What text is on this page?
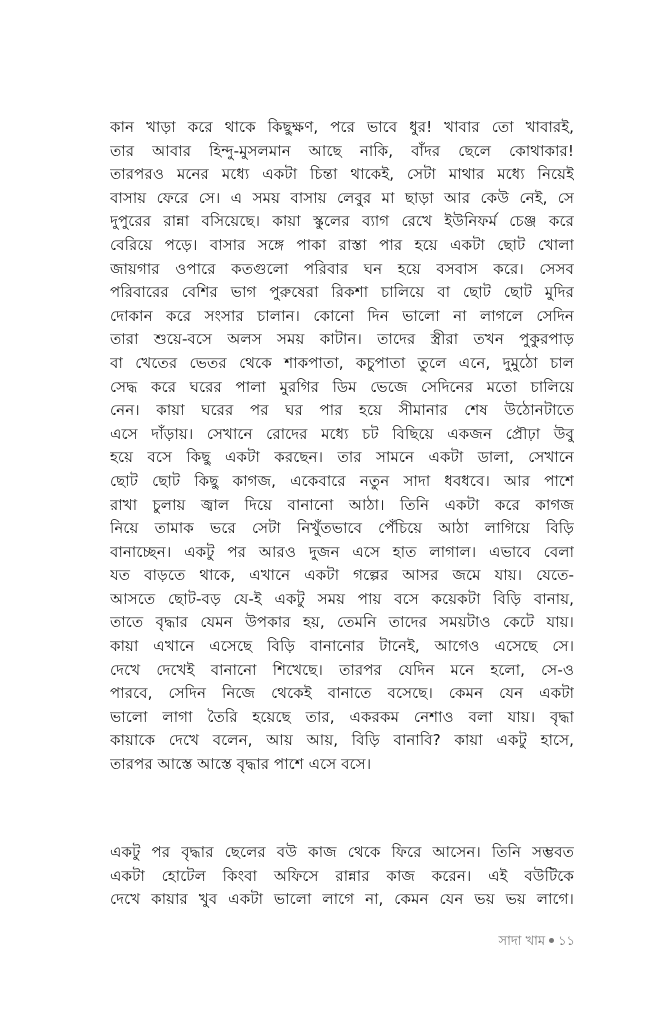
কান খাড়া করে থাকে কিছুক্ষণ, পরে ভাবে ধুর! খাবার তো খাবারই,
তার আবার হিন্দু-মুসলমান আছে নাকি, বাঁদর ছেলে কোথাকার!
তারপরও মনের মধ্যে একটা চিন্তা থাকেই, সেটা মাথার মধ্যে নিয়েই
বাসায় ফেরে সে। এ সময় বাসায় লেবুর মা ছাড়া আর কেউ নেই, সে
দুপুরের রান্না বসিয়েছে। কায়া স্কুলের ব্যাগ রেখে ইউনিফর্ম চেঞ্জ করে
বেরিয়ে পড়ে। বাসার সঙ্গে পাকা রাস্তা পার হয়ে একটা ছোট খোলা
জায়গার ওপারে কতগুলো পরিবার ঘন হয়ে বসবাস করে। সেসব
পরিবারের বেশির ভাগ পুরুষেরা রিকশা চালিয়ে বা ছোট ছোট মুদির
দোকান করে সংসার চালান। কোনো দিন ভালো না লাগলে সেদিন
তারা শুয়ে-বসে অলস সময় কাটান। তাদের স্ত্রীরা তখন পুকুরপাড়
বা খেতের ভেতর থেকে শাকপাতা, কচুপাতা তুলে এনে, দুমুঠো চাল
সেদ্ধ করে ঘরের পালা মুরগির ডিম ভেজে সেদিনের মতো চালিয়ে
নেন। কায়া ঘরের পর ঘর পার হয়ে সীমানার শেষ উঠোনটাতে
এসে দাঁড়ায়। সেখানে রোদের মধ্যে চট বিছিয়ে একজন প্রৌঢ়া উবু
হয়ে বসে কিছু একটা করছেন। তার সামনে একটা ডালা, সেখানে
ছোট ছোট কিছু কাগজ, একেবারে নতুন সাদা ধবধবে। আর পাশে
রাখা চুলায় জ্বাল দিয়ে বানানো আঠা। তিনি একটা করে কাগজ
নিয়ে তামাক ভরে সেটা নিখুঁতভাবে পেঁচিয়ে আঠা লাগিয়ে বিড়ি
বানাচ্ছেন। একটু পর আরও দুজন এসে হাত লাগাল। এভাবে বেলা
যত বাড়তে থাকে, এখানে একটা গল্পের আসর জমে যায়। যেতে-
আসতে ছোট-বড় যে-ই একটু সময় পায় বসে কয়েকটা বিড়ি বানায়,
তাতে বৃদ্ধার যেমন উপকার হয়, তেমনি তাদের সময়টাও কেটে যায়।
কায়া এখানে এসেছে বিড়ি বানানোর টানেই, আগেও এসেছে সে।
দেখে দেখেই বানানো শিখেছে। তারপর যেদিন মনে হলো, সে-ও
পারবে, সেদিন নিজে থেকেই বানাতে বসেছে। কেমন যেন একটা
ভালো লাগা তৈরি হয়েছে তার, একরকম নেশাও বলা যায়। বৃদ্ধা
কায়াকে দেখে বলেন, আয় আয়, বিড়ি বানাবি? কায়া একটু হাসে,
তারপর আস্তে আস্তে বৃদ্ধার পাশে এসে বসে।
একটু পর বৃদ্ধার ছেলের বউ কাজ থেকে ফিরে আসেন। তিনি সম্ভবত
একটা হোটেল কিংবা অফিসে রান্নার কাজ করেন। এই বউটিকে
দেখে কায়ার খুব একটা ভালো লাগে না, কেমন যেন ভয় ভয় লাগে।
সাদা খাম ১১
